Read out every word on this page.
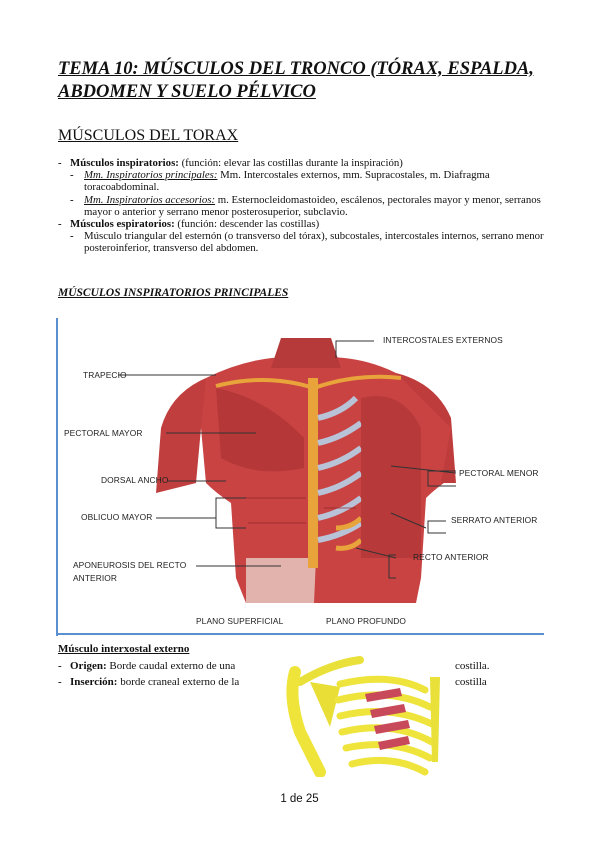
TEMA 10: MÚSCULOS DEL TRONCO (TÓRAX, ESPALDA, ABDOMEN Y SUELO PÉLVICO
MÚSCULOS DEL TORAX
- Músculos inspiratorios: (función: elevar las costillas durante la inspiración)
- Mm. Inspiratorios principales: Mm. Intercostales externos, mm. Supracostales, m. Diafragma toracoabdominal.
- Mm. Inspiratorios accesorios: m. Esternocleidomastoideo, escálenos, pectorales mayor y menor, serranos mayor o anterior y serrano menor posterosuperior, subclavio.
- Músculos espiratorios: (función: descender las costillas)
- Músculo triangular del esternón (o transverso del tórax), subcostales, intercostales internos, serrano menor posteroinferior, transverso del abdomen.
MÚSCULOS INSPIRATORIOS PRINCIPALES
INTERCOSTALES EXTERNOS
TRAPECIO
PECTORAL MAYOR
DORSAL ANCHO
OBLICUO MAYOR
APONEUROSIS DEL RECTO
ANTERIOR
PECTORAL MENOR
SERRATO ANTERIOR
RECTO ANTERIOR
PLANO SUPERFICIAL	PLANO PROFUNDO
Músculo interxostal externo
- Origen: Borde caudal externo de una	costilla.
- Inserción: borde craneal externo de la	costilla
1 de 25
